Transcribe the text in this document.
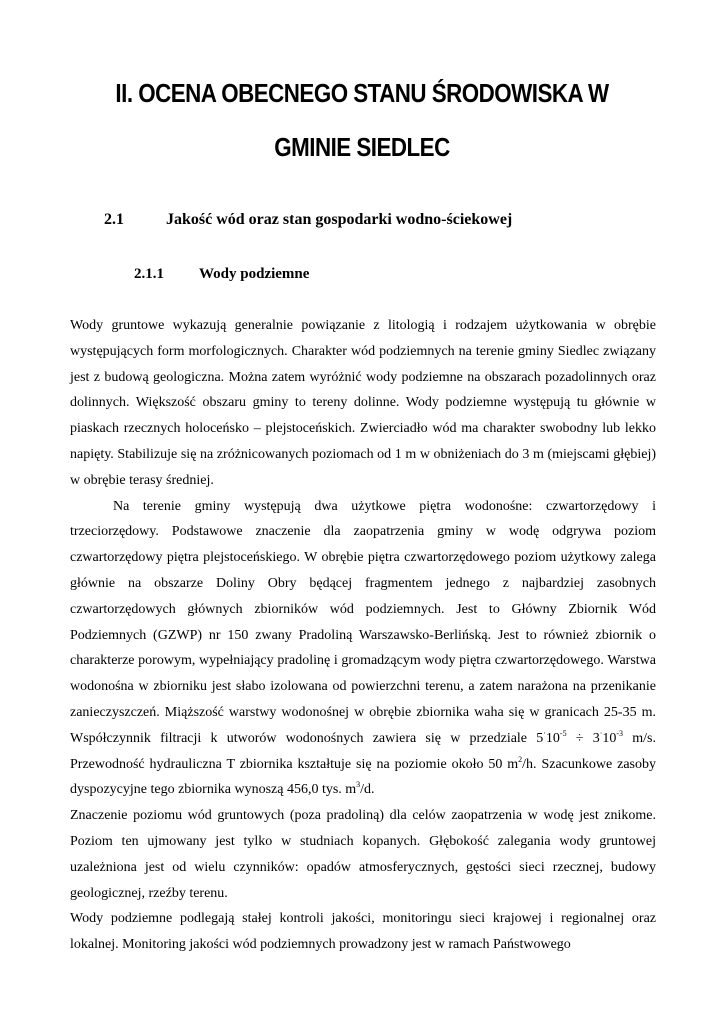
II. OCENA OBECNEGO STANU ŚRODOWISKA W GMINIE SIEDLEC
2.1	Jakość wód oraz stan gospodarki wodno-ściekowej
2.1.1 Wody podziemne

Wody gruntowe wykazują generalnie powiązanie z litologią i rodzajem użytkowania w obrębie występujących form morfologicznych. Charakter wód podziemnych na terenie gminy Siedlec związany jest z budową geologiczna. Można zatem wyróżnić wody podziemne na obszarach pozadolinnych oraz dolinnych. Większość obszaru gminy to tereny dolinne. Wody podziemne występują tu głównie w piaskach rzecznych holoceńsko – plejstoceńskich. Zwierciadło wód ma charakter swobodny lub lekko napięty. Stabilizuje się na zróżnicowanych poziomach od 1 m w obniżeniach do 3 m (miejscami głębiej) w obrębie terasy średniej.

Na terenie gminy występują dwa użytkowe piętra wodonośne: czwartorzędowy i trzeciorzędowy. Podstawowe znaczenie dla zaopatrzenia gminy w wodę odgrywa poziom czwartorzędowy piętra plejstoceńskiego. W obrębie piętra czwartorzędowego poziom użytkowy zalega głównie na obszarze Doliny Obry będącej fragmentem jednego z najbardziej zasobnych czwartorzędowych głównych zbiorników wód podziemnych. Jest to Główny Zbiornik Wód Podziemnych (GZWP) nr 150 zwany Pradoliną Warszawsko-Berlińską. Jest to również zbiornik o charakterze porowym, wypełniający pradolinę i gromadzącym wody piętra czwartorzędowego. Warstwa wodonośna w zbiorniku jest słabo izolowana od powierzchni terenu, a zatem narażona na przenikanie zanieczyszczeń. Miąższość warstwy wodonośnej w obrębie zbiornika waha się w granicach 25-35 m. Współczynnik filtracji k utworów wodonośnych zawiera się w przedziale $5^\cdot 10^{-5} \div 3^\cdot 10^{-3}$ m/s. Przewodność hydrauliczna T zbiornika kształtuje się na poziomie około 50 $m^2/h$. Szacunkowe zasoby dyspozycyjne tego zbiornika wynoszą 456,0 tys. $m^3/d$.

Znaczenie poziomu wód gruntowych (poza pradoliną) dla celów zaopatrzenia w wodę jest znikome. Poziom ten ujmowany jest tylko w studniach kopanych. Głębokość zalegania wody gruntowej uzależniona jest od wielu czynników: opadów atmosferycznych, gęstości sieci rzecznej, budowy geologicznej, rzeźby terenu.

Wody podziemne podlegają stałej kontroli jakości, monitoringu sieci krajowej i regionalnej oraz lokalnej. Monitoring jakości wód podziemnych prowadzony jest w ramach Państwowego
